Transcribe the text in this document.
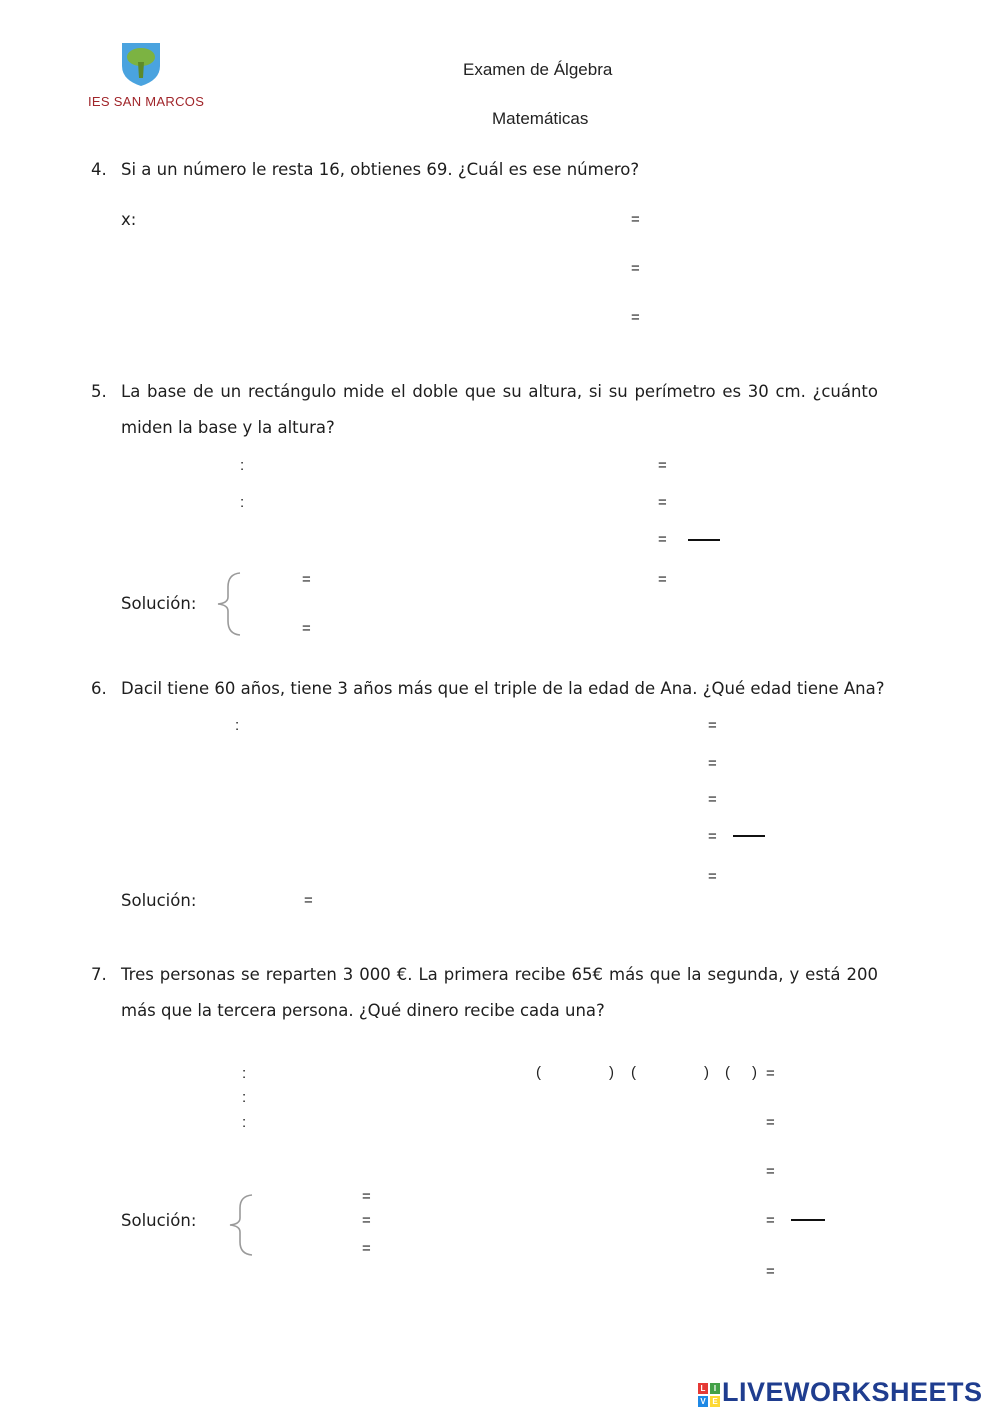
IES SAN MARCOS
Examen de Álgebra
Matemáticas
4. Si a un número le resta 16, obtienes 69. ¿Cuál es ese número?
x:	=
=
=
5. La base de un rectángulo mide el doble que su altura, si su perímetro es 30 cm. ¿cuánto
miden la base y la altura?
:
:
=
=
=
=
Solución:
=
=
6. Dacil tiene 60 años, tiene 3 años más que el triple de la edad de Ana. ¿Qué edad tiene Ana?
:	=
=
=
=
=
Solución:	=
7. Tres personas se reparten 3 000 €. La primera recibe 65€ más que la segunda, y está 200
más que la tercera persona. ¿Qué dinero recibe cada una?
:
:
:
(	) (	) ( ) =
=
=
=
=
Solución:
=
=
=
L	I
V E LIVEWORKSHEETS
